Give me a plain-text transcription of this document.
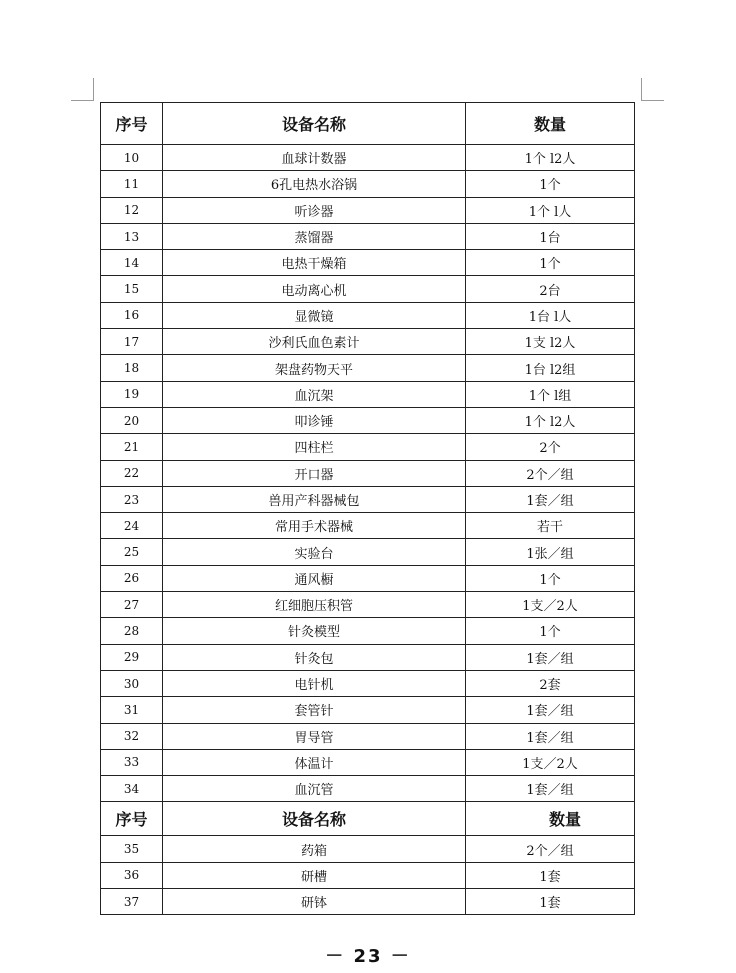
序号	设备名称	数量
10	血球计数器	1个 l2人
11	6孔电热水浴锅	1个
12	听诊器	1个 l人
13	蒸馏器	1台
14	电热干燥箱	1个
15	电动离心机	2台
16	显微镜	1台 l人
17	沙利氏血色素计	1支 l2人
18	架盘药物天平	1台 l2组
19	血沉架	1个 l组
20	叩诊锤	1个 l2人
21	四柱栏	2个
22	开口器	2个／组
23	兽用产科器械包	1套／组
24	常用手术器械	若干
25	实验台	1张／组
26	通风橱	1个
27	红细胞压积管	1支／2人
28	针灸模型	1个
29	针灸包	1套／组
30	电针机	2套
31	套管针	1套／组
32	胃导管	1套／组
33	体温计	1支／2人
34	血沉管	1套／组
序号	设备名称	数量
35	药箱	2个／组
36	研槽	1套
37	研钵	1套
－ 23 －
